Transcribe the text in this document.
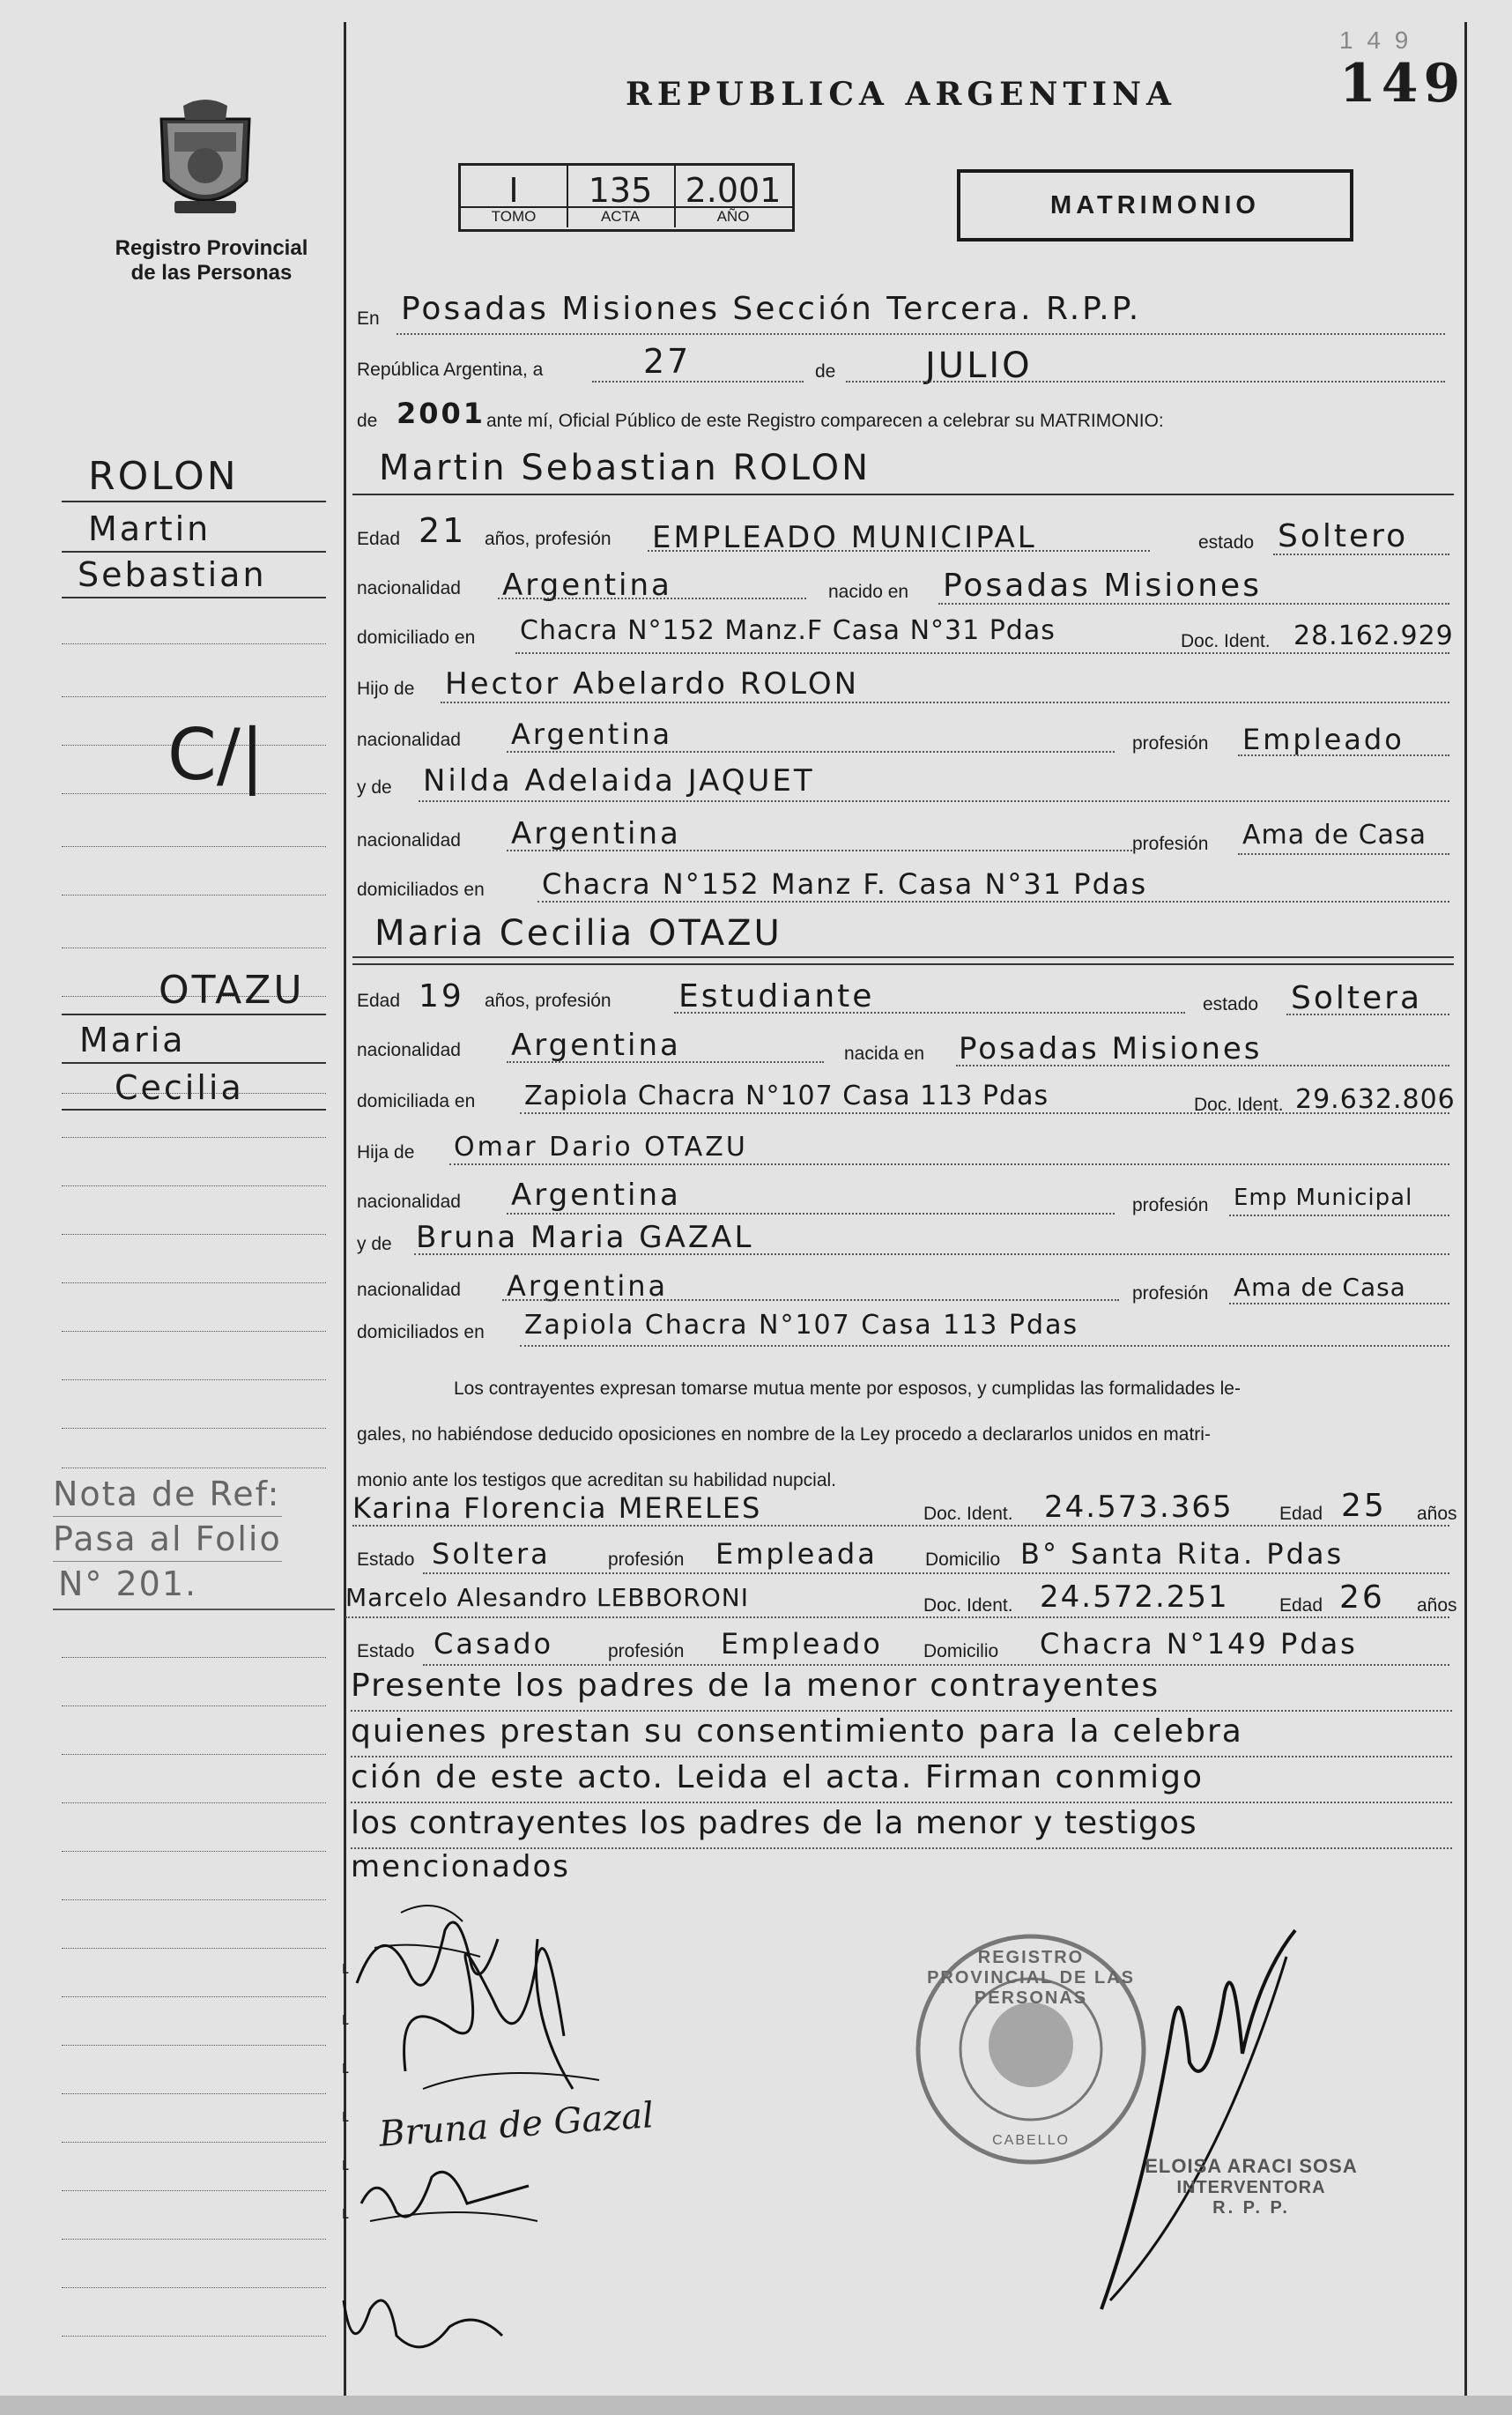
REPUBLICA ARGENTINA	149
1 4 9
Registro Provincial
de las Personas
I
TOMO
135
ACTA
2.001
AÑO	MATRIMONIO
ROLON
Martin
Sebastian
C/|
OTAZU
Maria
Cecilia
Nota de Ref:
Pasa al Folio
N° 201.
En Posadas Misiones Sección Tercera. R.P.P.
República Argentina, a	27	de	JULIO
de 2001 ante mí, Oficial Público de este Registro comparecen a celebrar su MATRIMONIO:
Martin Sebastian ROLON
Edad 21 años, profesión EMPLEADO MUNICIPAL	estado Soltero
nacionalidad Argentina	nacido en Posadas Misiones
domiciliado en Chacra N°152 Manz.F Casa N°31 Pdas	Doc. Ident. 28.162.929
Hijo de Hector Abelardo ROLON
nacionalidad Argentina	profesión Empleado
y de Nilda Adelaida JAQUET
nacionalidad Argentina	profesión Ama de Casa
domiciliados en Chacra N°152 Manz F. Casa N°31 Pdas
Maria Cecilia OTAZU
Edad 19 años, profesión Estudiante	estado Soltera
nacionalidad Argentina	nacida en Posadas Misiones
domiciliada en Zapiola Chacra N°107 Casa 113 Pdas	Doc. Ident. 29.632.806
Hija de Omar Dario OTAZU
nacionalidad Argentina	profesión Emp Municipal
y de Bruna Maria GAZAL
nacionalidad Argentina	profesión Ama de Casa
domiciliados en Zapiola Chacra N°107 Casa 113 Pdas
Los contrayentes expresan tomarse mutua mente por esposos, y cumplidas las formalidades le-
gales, no habiéndose deducido oposiciones en nombre de la Ley procedo a declararlos unidos en matri-
monio ante los testigos que acreditan su habilidad nupcial.
Karina Florencia MERELES	Doc. Ident. 24.573.365 Edad 25 años
Estado Soltera	profesión Empleada	Domicilio B° Santa Rita. Pdas
Marcelo Alesandro LEBBORONI	Doc. Ident. 24.572.251	Edad 26 años
Estado Casado	profesión Empleado Domicilio Chacra N°149 Pdas
Presente los padres de la menor contrayentes
quienes prestan su consentimiento para la celebra
ción de este acto. Leida el acta. Firman conmigo
los contrayentes los padres de la menor y testigos
mencionados
ʟ
ʟ
ʟ
ʟ
ʟ
ʟ
Bruna de Gazal
REGISTRO PROVINCIAL DE LAS PERSONAS
CABELLO
ELOISA ARACI SOSA
INTERVENTORA
R. P. P.
